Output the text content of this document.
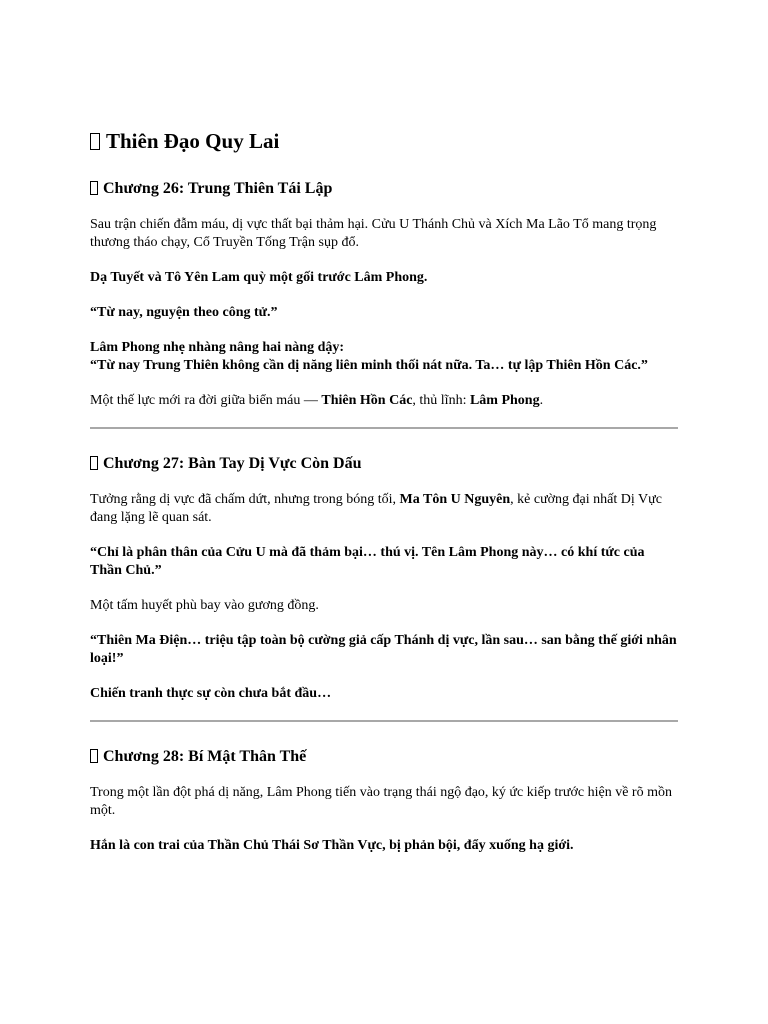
Thiên Đạo Quy Lai
Chương 26: Trung Thiên Tái Lập

Sau trận chiến đẫm máu, dị vực thất bại thảm hại. Cửu U Thánh Chủ và Xích Ma Lão Tổ mang trọng thương tháo chạy, Cổ Truyền Tống Trận sụp đổ.

Dạ Tuyết và Tô Yên Lam quỳ một gối trước Lâm Phong.

“Từ nay, nguyện theo công tử.”

Lâm Phong nhẹ nhàng nâng hai nàng dậy:
“Từ nay Trung Thiên không cần dị năng liên minh thối nát nữa. Ta… tự lập Thiên Hồn Các.”

Một thế lực mới ra đời giữa biển máu — Thiên Hồn Các, thủ lĩnh: Lâm Phong.

Chương 27: Bàn Tay Dị Vực Còn Dấu

Tưởng rằng dị vực đã chấm dứt, nhưng trong bóng tối, Ma Tôn U Nguyên, kẻ cường đại nhất Dị Vực đang lặng lẽ quan sát.

“Chỉ là phân thân của Cửu U mà đã thảm bại… thú vị. Tên Lâm Phong này… có khí tức của Thần Chủ.”

Một tấm huyết phù bay vào gương đồng.

“Thiên Ma Điện… triệu tập toàn bộ cường giả cấp Thánh dị vực, lần sau… san bằng thế giới nhân loại!”

Chiến tranh thực sự còn chưa bắt đầu…

Chương 28: Bí Mật Thân Thế

Trong một lần đột phá dị năng, Lâm Phong tiến vào trạng thái ngộ đạo, ký ức kiếp trước hiện về rõ mồn một.

Hắn là con trai của Thần Chủ Thái Sơ Thần Vực, bị phản bội, đẩy xuống hạ giới.
